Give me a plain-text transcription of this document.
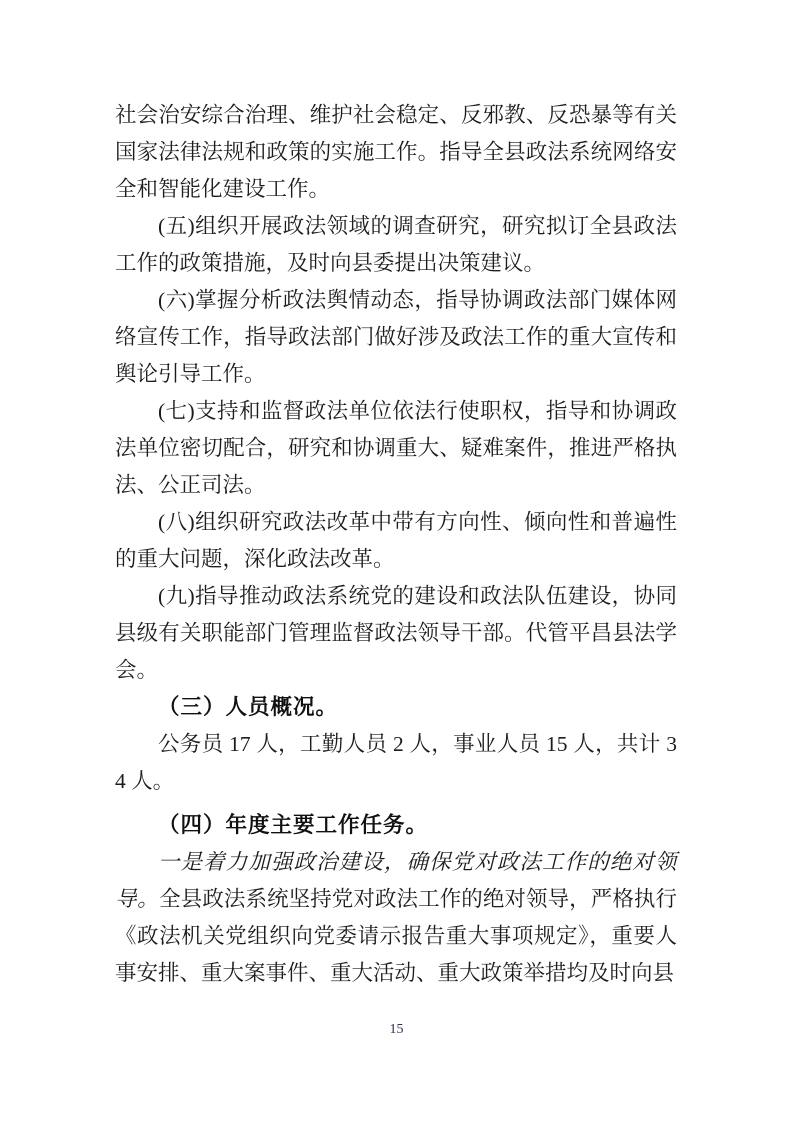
社会治安综合治理、维护社会稳定、反邪教、反恐暴等有关国家法律法规和政策的实施工作。指导全县政法系统网络安全和智能化建设工作。

(五)组织开展政法领域的调查研究，研究拟订全县政法工作的政策措施，及时向县委提出决策建议。

(六)掌握分析政法舆情动态，指导协调政法部门媒体网络宣传工作，指导政法部门做好涉及政法工作的重大宣传和舆论引导工作。

(七)支持和监督政法单位依法行使职权，指导和协调政法单位密切配合，研究和协调重大、疑难案件，推进严格执法、公正司法。

(八)组织研究政法改革中带有方向性、倾向性和普遍性的重大问题，深化政法改革。

(九)指导推动政法系统党的建设和政法队伍建设，协同县级有关职能部门管理监督政法领导干部。代管平昌县法学会。

（三）人员概况。

公务员 17 人，工勤人员 2 人，事业人员 15 人，共计 34 人。

（四）年度主要工作任务。

一是着力加强政治建设，确保党对政法工作的绝对领导。全县政法系统坚持党对政法工作的绝对领导，严格执行《政法机关党组织向党委请示报告重大事项规定》，重要人事安排、重大案事件、重大活动、重大政策举措均及时向县

15
